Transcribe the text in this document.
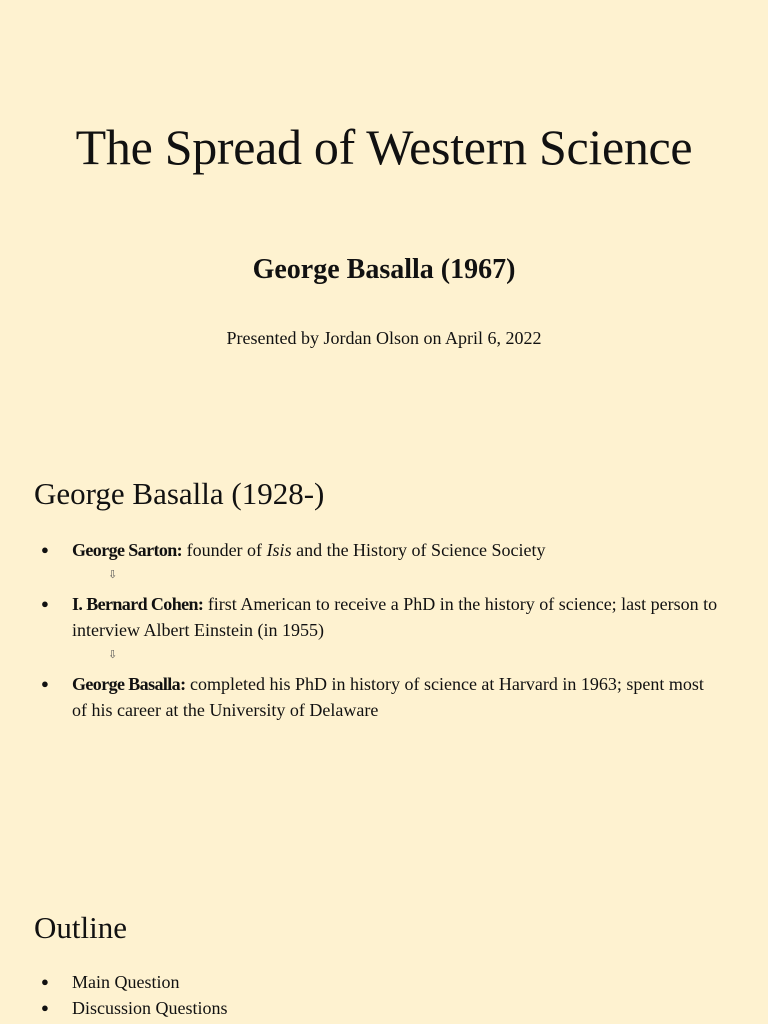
The Spread of Western Science
George Basalla (1967)

Presented by Jordan Olson on April 6, 2022

George Basalla (1928-)
● George Sarton: founder of Isis and the History of Science Society
● I. Bernard Cohen: first American to receive a PhD in the history of science; last person to interview Albert Einstein (in 1955)
● George Basalla: completed his PhD in history of science at Harvard in 1963; spent most of his career at the University of Delaware
⇩
⇩
Outline
● Main Question
● Discussion Questions
